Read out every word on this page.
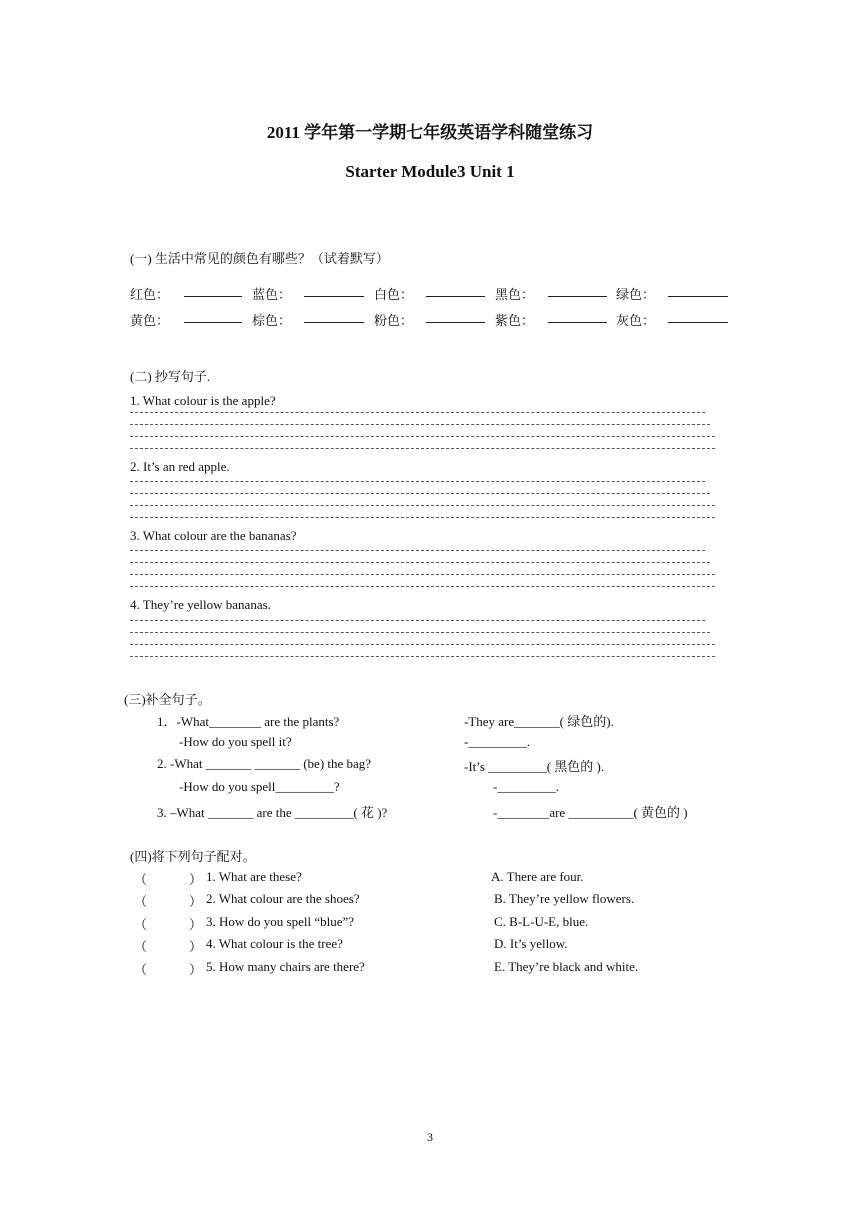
2011 学年第一学期七年级英语学科随堂练习
Starter Module3 Unit 1
(一) 生活中常见的颜色有哪些？（试着默写）
红色：	蓝色：	白色：	黑色：	绿色：
黄色：	棕色：	粉色：	紫色：	灰色：
(二) 抄写句子.
1. What colour is the apple?
2. It’s an red apple.
3. What colour are the bananas?
4. They’re yellow bananas.
(三)补全句子。
1．-What________ are the plants?	-They are_______( 绿色的).
-How do you spell it?	-_________.
2. -What _______ _______ (be) the bag?	-It’s _________( 黑色的 ).
-How do you spell_________?	-_________.
3. –What _______ are the _________( 花 )?	-________are __________( 黄色的 )
(四)将下列句子配对。
（	） 1. What are these?	A. There are four.
（	） 2. What colour are the shoes?	B. They’re yellow flowers.
（	） 3. How do you spell “blue”?	C. B-L-U-E, blue.
（	） 4. What colour is the tree?	D. It’s yellow.
（	） 5. How many chairs are there?	E. They’re black and white.
3
